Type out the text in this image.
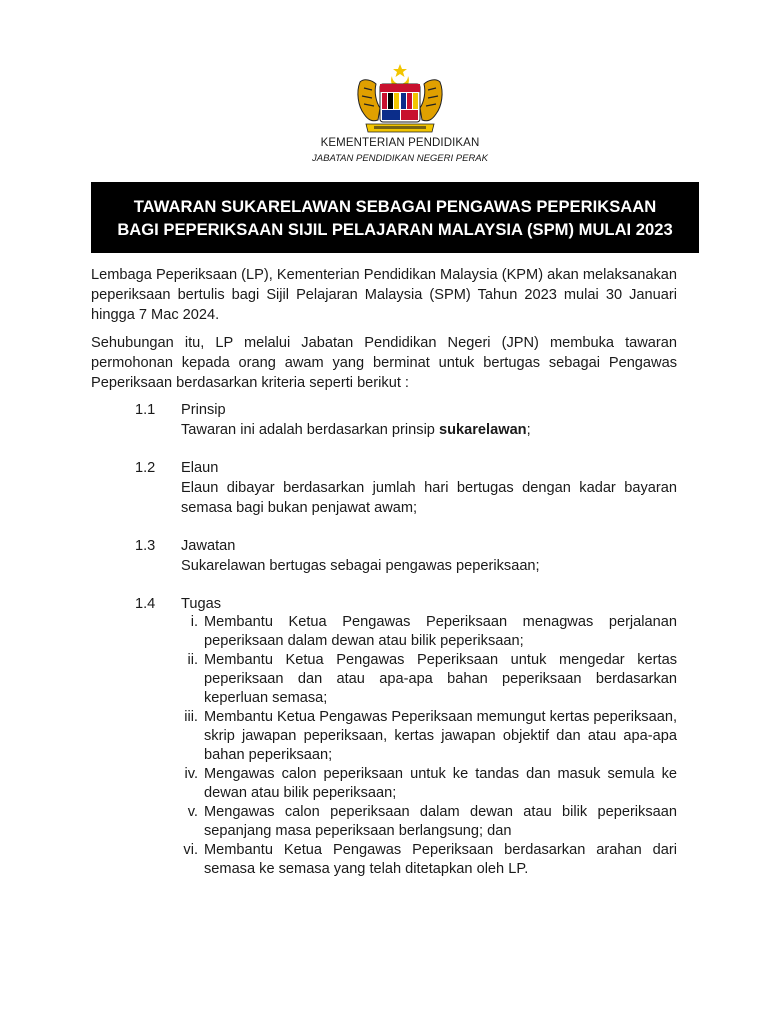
KEMENTERIAN PENDIDIKAN
JABATAN PENDIDIKAN NEGERI PERAK
TAWARAN SUKARELAWAN SEBAGAI PENGAWAS PEPERIKSAAN
BAGI PEPERIKSAAN SIJIL PELAJARAN MALAYSIA (SPM) MULAI 2023
Lembaga Peperiksaan (LP), Kementerian Pendidikan Malaysia (KPM) akan melaksanakan peperiksaan bertulis bagi Sijil Pelajaran Malaysia (SPM) Tahun 2023 mulai 30 Januari hingga 7 Mac 2024.
Sehubungan itu, LP melalui Jabatan Pendidikan Negeri (JPN) membuka tawaran permohonan kepada orang awam yang berminat untuk bertugas sebagai Pengawas Peperiksaan berdasarkan kriteria seperti berikut :
1.1 Prinsip
Tawaran ini adalah berdasarkan prinsip sukarelawan;
1.2 Elaun
Elaun dibayar berdasarkan jumlah hari bertugas dengan kadar bayaran semasa bagi bukan penjawat awam;
1.3 Jawatan
Sukarelawan bertugas sebagai pengawas peperiksaan;
1.4 Tugas
i. Membantu Ketua Pengawas Peperiksaan menagwas perjalanan peperiksaan dalam dewan atau bilik peperiksaan;
ii. Membantu Ketua Pengawas Peperiksaan untuk mengedar kertas peperiksaan dan atau apa-apa bahan peperiksaan berdasarkan keperluan semasa;
iii. Membantu Ketua Pengawas Peperiksaan memungut kertas peperiksaan, skrip jawapan peperiksaan, kertas jawapan objektif dan atau apa-apa bahan peperiksaan;
iv. Mengawas calon peperiksaan untuk ke tandas dan masuk semula ke dewan atau bilik peperiksaan;
v. Mengawas calon peperiksaan dalam dewan atau bilik peperiksaan sepanjang masa peperiksaan berlangsung; dan
vi. Membantu Ketua Pengawas Peperiksaan berdasarkan arahan dari semasa ke semasa yang telah ditetapkan oleh LP.
